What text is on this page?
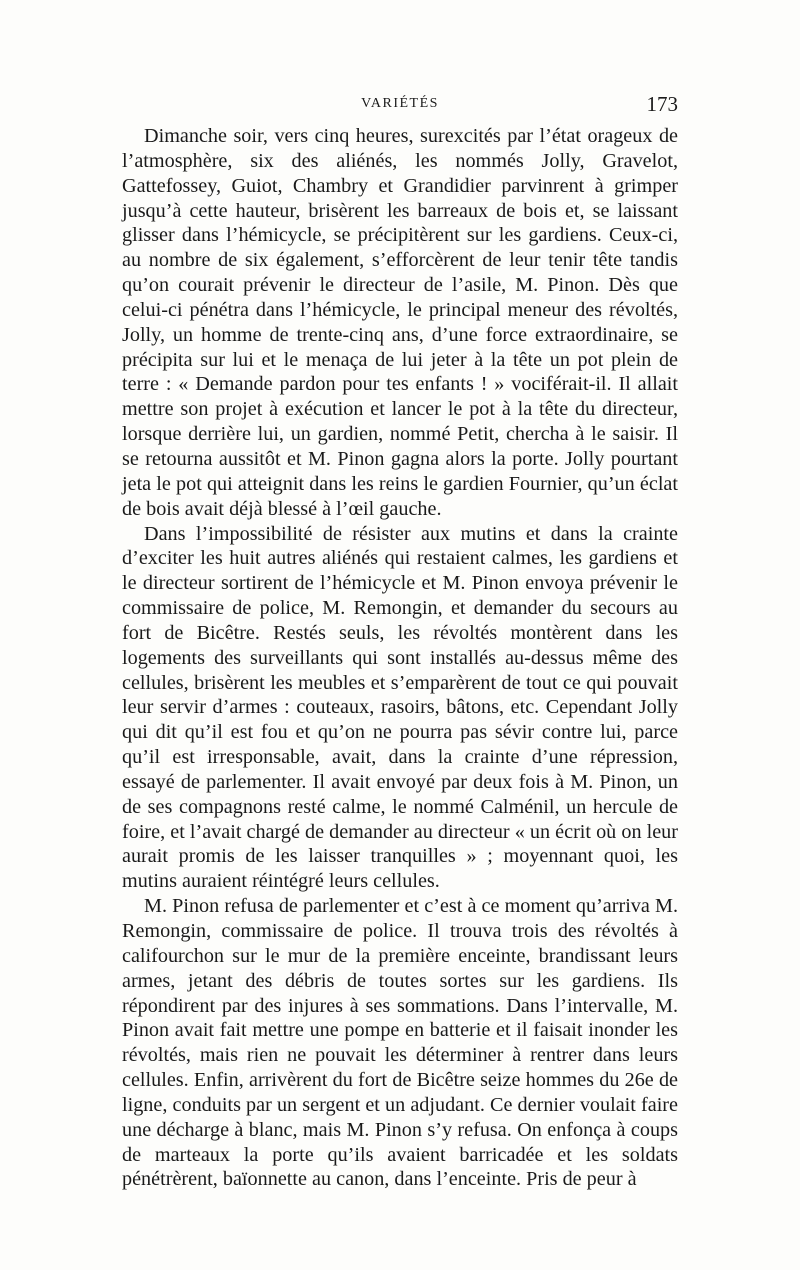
VARIÉTÉS	173

Dimanche soir, vers cinq heures, surexcités par l’état orageux de l’atmosphère, six des aliénés, les nommés Jolly, Gravelot, Gattefossey, Guiot, Chambry et Grandidier parvinrent à grimper jusqu’à cette hauteur, brisèrent les barreaux de bois et, se laissant glisser dans l’hémicycle, se précipitèrent sur les gardiens. Ceux-ci, au nombre de six également, s’efforcèrent de leur tenir tête tandis qu’on courait prévenir le directeur de l’asile, M. Pinon. Dès que celui-ci pénétra dans l’hémicycle, le principal meneur des révoltés, Jolly, un homme de trente-cinq ans, d’une force extraordinaire, se précipita sur lui et le menaça de lui jeter à la tête un pot plein de terre : « Demande pardon pour tes enfants ! » vociférait-il. Il allait mettre son projet à exécution et lancer le pot à la tête du directeur, lorsque derrière lui, un gardien, nommé Petit, chercha à le saisir. Il se retourna aussitôt et M. Pinon gagna alors la porte. Jolly pourtant jeta le pot qui atteignit dans les reins le gardien Fournier, qu’un éclat de bois avait déjà blessé à l’œil gauche.

Dans l’impossibilité de résister aux mutins et dans la crainte d’exciter les huit autres aliénés qui restaient calmes, les gardiens et le directeur sortirent de l’hémicycle et M. Pinon envoya prévenir le commissaire de police, M. Remongin, et demander du secours au fort de Bicêtre. Restés seuls, les révoltés montèrent dans les logements des surveillants qui sont installés au-dessus même des cellules, brisèrent les meubles et s’emparèrent de tout ce qui pouvait leur servir d’armes : couteaux, rasoirs, bâtons, etc. Cependant Jolly qui dit qu’il est fou et qu’on ne pourra pas sévir contre lui, parce qu’il est irresponsable, avait, dans la crainte d’une répression, essayé de parlementer. Il avait envoyé par deux fois à M. Pinon, un de ses compagnons resté calme, le nommé Calménil, un hercule de foire, et l’avait chargé de demander au directeur « un écrit où on leur aurait promis de les laisser tranquilles » ; moyennant quoi, les mutins auraient réintégré leurs cellules.

M. Pinon refusa de parlementer et c’est à ce moment qu’arriva M. Remongin, commissaire de police. Il trouva trois des révoltés à califourchon sur le mur de la première enceinte, brandissant leurs armes, jetant des débris de toutes sortes sur les gardiens. Ils répondirent par des injures à ses sommations. Dans l’intervalle, M. Pinon avait fait mettre une pompe en batterie et il faisait inonder les révoltés, mais rien ne pouvait les déterminer à rentrer dans leurs cellules. Enfin, arrivèrent du fort de Bicêtre seize hommes du 26e de ligne, conduits par un sergent et un adjudant. Ce dernier voulait faire une décharge à blanc, mais M. Pinon s’y refusa. On enfonça à coups de marteaux la porte qu’ils avaient barricadée et les soldats pénétrèrent, baïonnette au canon, dans l’enceinte. Pris de peur à
